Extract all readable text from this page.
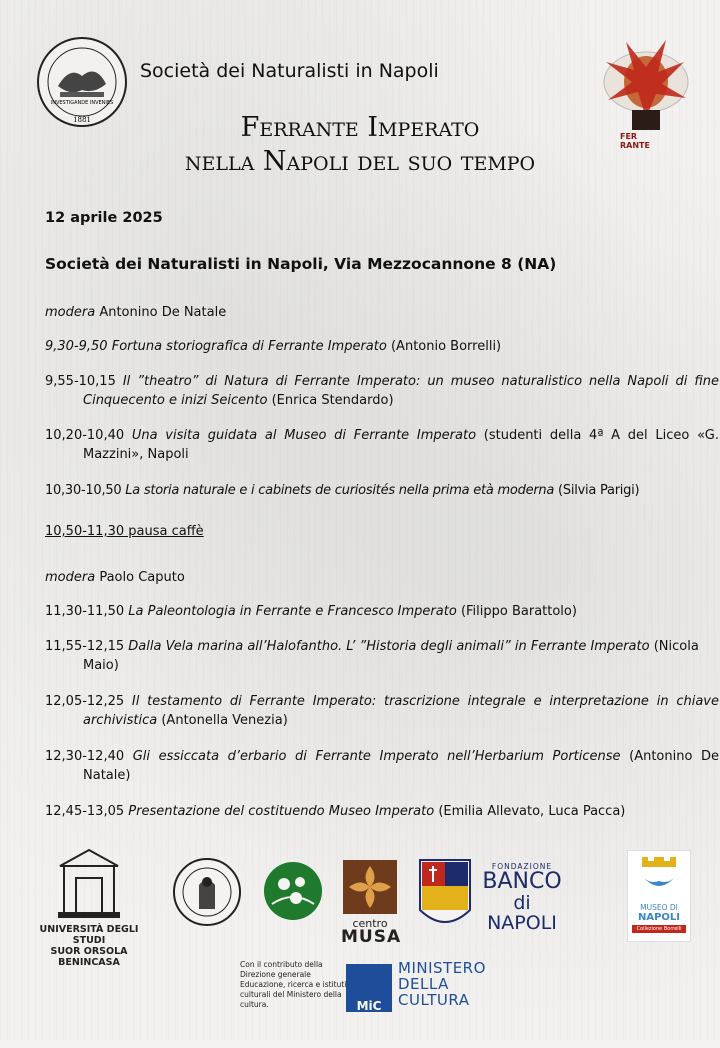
INVESTIGANDE INVENIES
1881
Società dei Naturalisti in Napoli
Ferrante Imperato
nella Napoli del suo tempo
FER
RANTE
12 aprile 2025
Società dei Naturalisti in Napoli, Via Mezzocannone 8 (NA)
modera Antonino De Natale
9,30-9,50 Fortuna storiografica di Ferrante Imperato (Antonio Borrelli)
9,55-10,15 Il ”theatro” di Natura di Ferrante Imperato: un museo naturalistico nella Napoli di fine Cinquecento e inizi Seicento (Enrica Stendardo)
10,20-10,40 Una visita guidata al Museo di Ferrante Imperato (studenti della 4ª A del Liceo «G. Mazzini», Napoli
10,30-10,50 La storia naturale e i cabinets de curiosités nella prima età moderna (Silvia Parigi)
10,50-11,30 pausa caffè
modera Paolo Caputo
11,30-11,50 La Paleontologia in Ferrante e Francesco Imperato (Filippo Barattolo)
11,55-12,15 Dalla Vela marina all’Halofantho. L’ ”Historia degli animali” in Ferrante Imperato (Nicola Maio)
12,05-12,25 Il testamento di Ferrante Imperato: trascrizione integrale e interpretazione in chiave archivistica (Antonella Venezia)
12,30-12,40 Gli essiccata d’erbario di Ferrante Imperato nell’Herbarium Porticense (Antonino De Natale)
12,45-13,05 Presentazione del costituendo Museo Imperato (Emilia Allevato, Luca Pacca)
UNIVERSITÀ DEGLI STUDI
SUOR ORSOLA
BENINCASA
centro
MUSA
FONDAZIONE
BANCO
di NAPOLI
MUSEO DI
NAPOLI
Collezione Borrelli
Con il contributo della Direzione generale Educazione, ricerca e istituti culturali del Ministero della cultura.	MiC
MINISTERO
DELLA
CULTURA
